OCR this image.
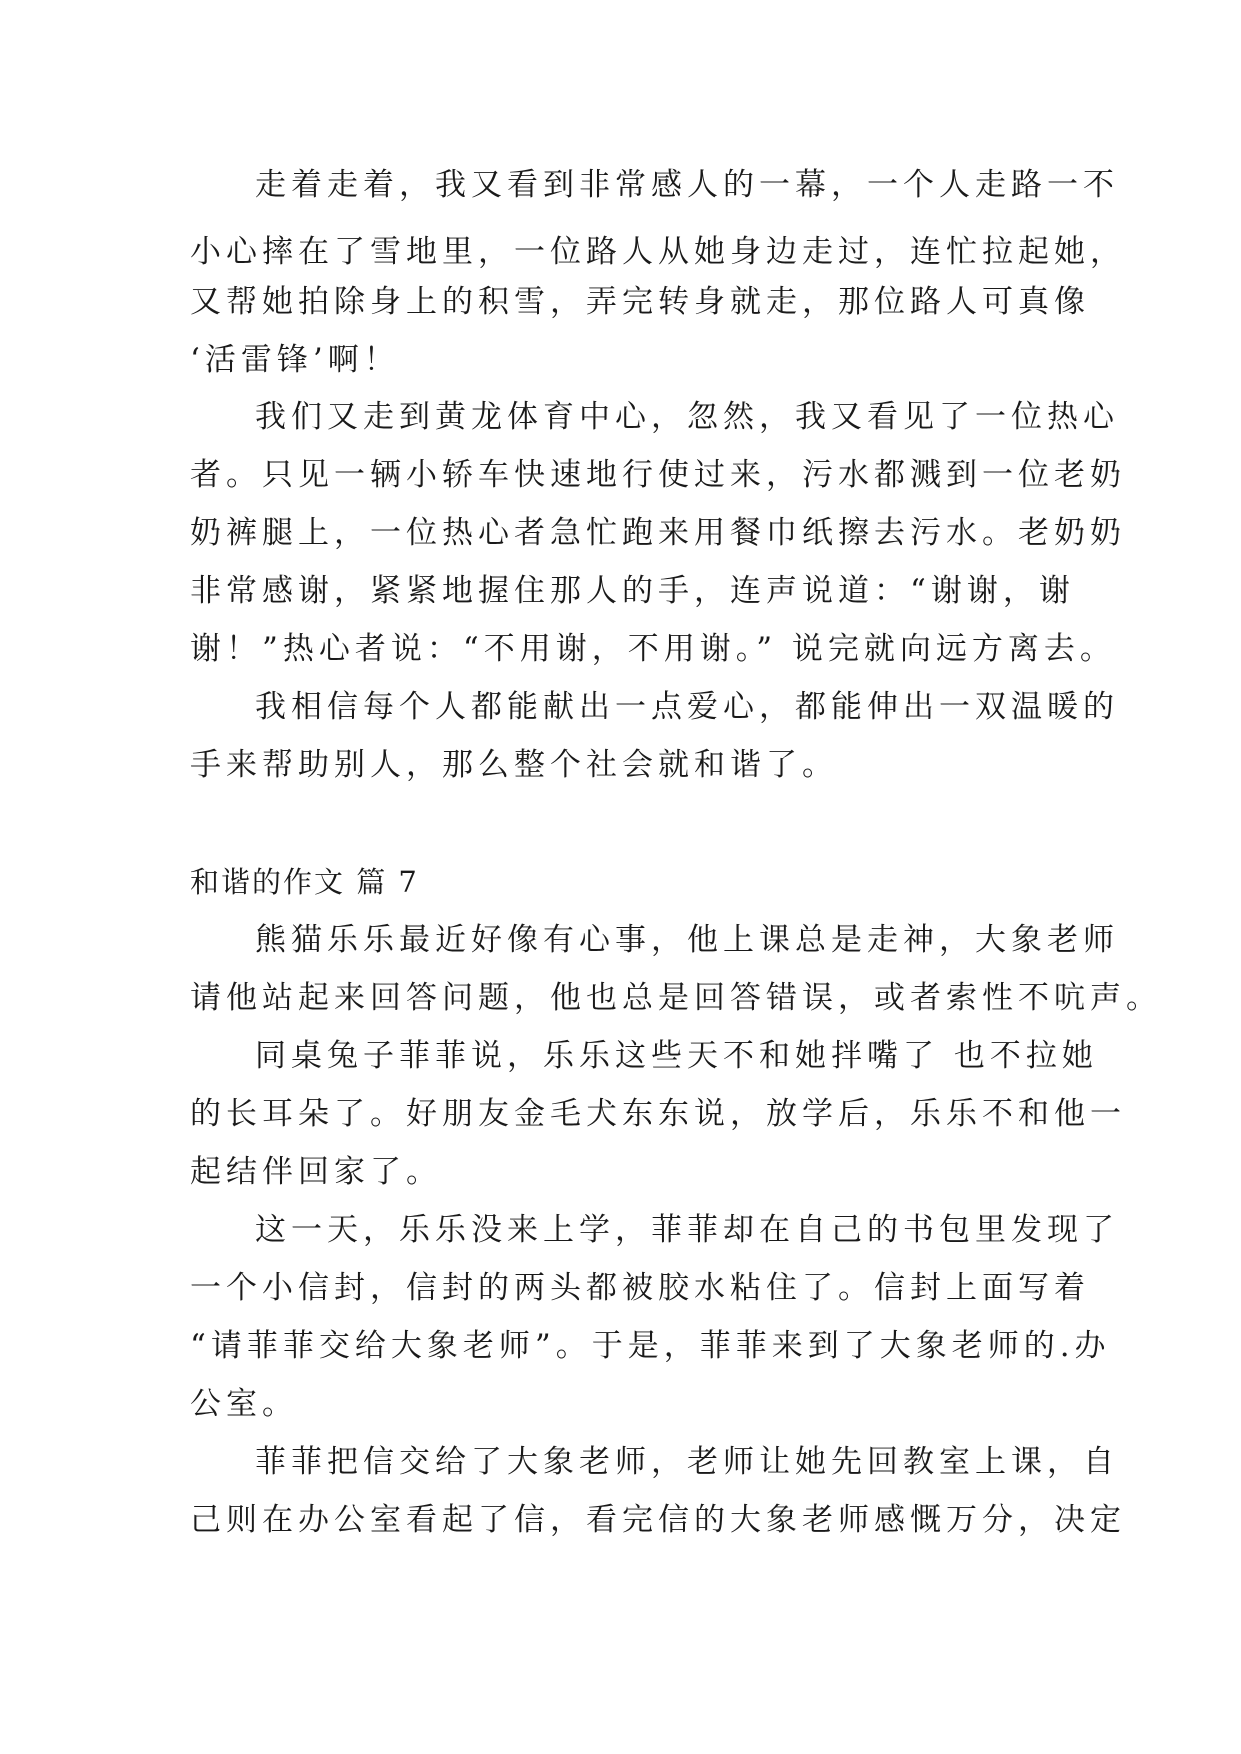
走着走着，我又看到非常感人的一幕，一个人走路一不
小心摔在了雪地里，一位路人从她身边走过，连忙拉起她，
又帮她拍除身上的积雪，弄完转身就走，那位路人可真像
‘活雷锋’啊！
我们又走到黄龙体育中心，忽然，我又看见了一位热心
者。只见一辆小轿车快速地行使过来，污水都溅到一位老奶
奶裤腿上，一位热心者急忙跑来用餐巾纸擦去污水。老奶奶
非常感谢，紧紧地握住那人的手，连声说道：“谢谢，谢
谢！”热心者说：“不用谢，不用谢。” 说完就向远方离去。
我相信每个人都能献出一点爱心，都能伸出一双温暖的
手来帮助别人，那么整个社会就和谐了。
和谐的作文 篇 7
熊猫乐乐最近好像有心事，他上课总是走神，大象老师
请他站起来回答问题，他也总是回答错误，或者索性不吭声。
同桌兔子菲菲说，乐乐这些天不和她拌嘴了 也不拉她
的长耳朵了。好朋友金毛犬东东说，放学后，乐乐不和他一
起结伴回家了。
这一天，乐乐没来上学，菲菲却在自己的书包里发现了
一个小信封，信封的两头都被胶水粘住了。信封上面写着
“请菲菲交给大象老师”。于是，菲菲来到了大象老师的.办
公室。
菲菲把信交给了大象老师，老师让她先回教室上课，自
己则在办公室看起了信，看完信的大象老师感慨万分，决定
